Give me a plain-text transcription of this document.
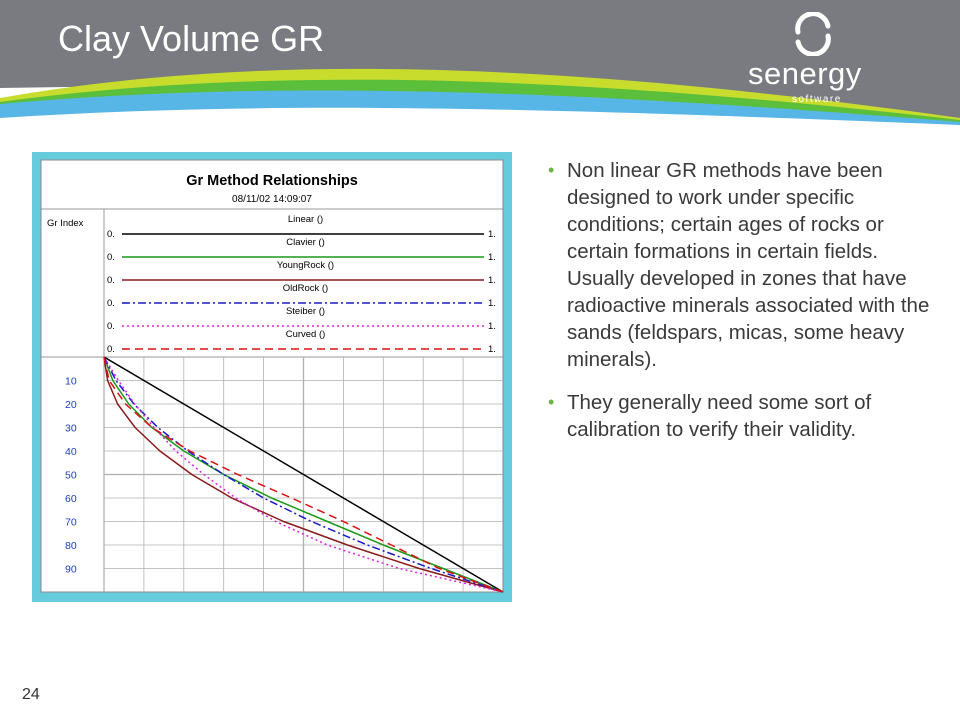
Clay Volume GR
senergy
software
Gr Method Relationships
08/11/02 14:09:07
Gr Index	Linear ()
0.	1.
Clavier ()
0.	1.
YoungRock ()
0.	1.
OldRock ()
0.	1.
Steiber ()
0.	1.
Curved ()
0.	1.
10
20
30
40
50
60
70
80
90
• Non linear GR methods have been designed to work under specific conditions; certain ages of rocks or certain formations in certain fields. Usually developed in zones that have radioactive minerals associated with the sands (feldspars, micas, some heavy minerals).
• They generally need some sort of calibration to verify their validity.
24
